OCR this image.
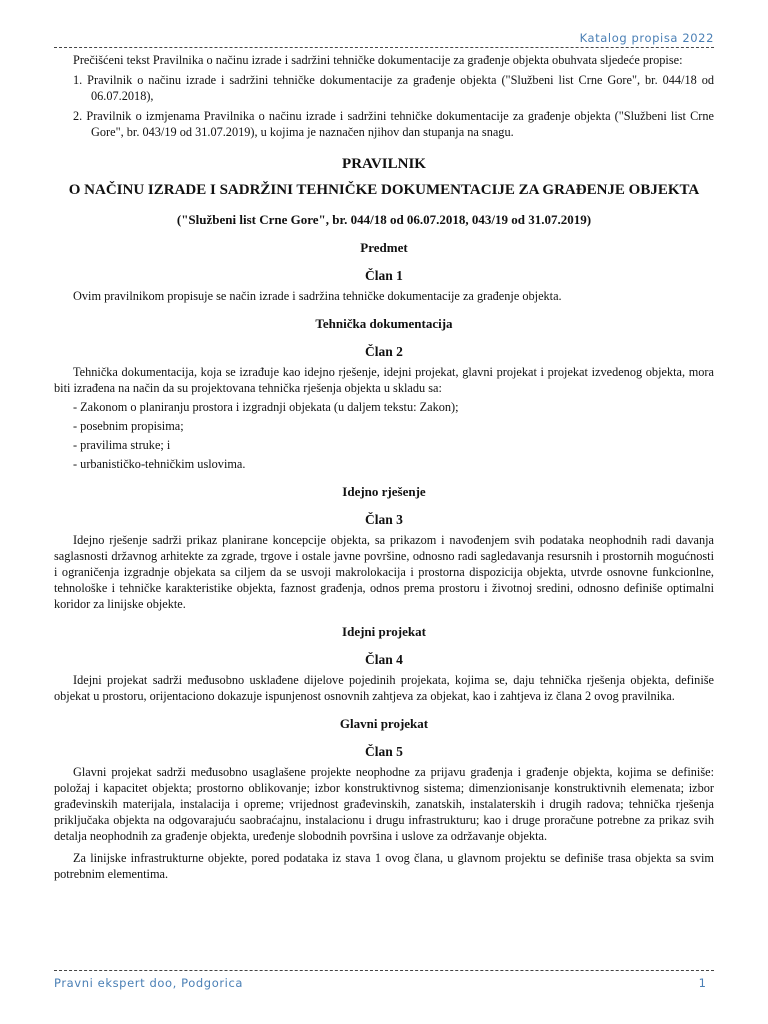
Katalog propisa 2022

Prečišćeni tekst Pravilnika o načinu izrade i sadržini tehničke dokumentacije za građenje objekta obuhvata sljedeće propise:

1. Pravilnik o načinu izrade i sadržini tehničke dokumentacije za građenje objekta ("Službeni list Crne Gore", br. 044/18 od 06.07.2018),

2. Pravilnik o izmjenama Pravilnika o načinu izrade i sadržini tehničke dokumentacije za građenje objekta ("Službeni list Crne Gore", br. 043/19 od 31.07.2019), u kojima je naznačen njihov dan stupanja na snagu.

PRAVILNIK
O NAČINU IZRADE I SADRŽINI TEHNIČKE DOKUMENTACIJE ZA GRAĐENJE OBJEKTA
("Službeni list Crne Gore", br. 044/18 od 06.07.2018, 043/19 od 31.07.2019)
Predmet
Član 1

Ovim pravilnikom propisuje se način izrade i sadržina tehničke dokumentacije za građenje objekta.

Tehnička dokumentacija
Član 2

Tehnička dokumentacija, koja se izrađuje kao idejno rješenje, idejni projekat, glavni projekat i projekat izvedenog objekta, mora biti izrađena na način da su projektovana tehnička rješenja objekta u skladu sa:

- Zakonom o planiranju prostora i izgradnji objekata (u daljem tekstu: Zakon);

- posebnim propisima;

- pravilima struke; i

- urbanističko-tehničkim uslovima.

Idejno rješenje
Član 3

Idejno rješenje sadrži prikaz planirane koncepcije objekta, sa prikazom i navođenjem svih podataka neophodnih radi davanja saglasnosti državnog arhitekte za zgrade, trgove i ostale javne površine, odnosno radi sagledavanja resursnih i prostornih mogućnosti i ograničenja izgradnje objekata sa ciljem da se usvoji makrolokacija i prostorna dispozicija objekta, utvrde osnovne funkcionlne, tehnološke i tehničke karakteristike objekta, faznost građenja, odnos prema prostoru i životnoj sredini, odnosno definiše optimalni koridor za linijske objekte.

Idejni projekat
Član 4

Idejni projekat sadrži međusobno usklađene dijelove pojedinih projekata, kojima se, daju tehnička rješenja objekta, definiše objekat u prostoru, orijentaciono dokazuje ispunjenost osnovnih zahtjeva za objekat, kao i zahtjeva iz člana 2 ovog pravilnika.

Glavni projekat
Član 5

Glavni projekat sadrži međusobno usaglašene projekte neophodne za prijavu građenja i građenje objekta, kojima se definiše: položaj i kapacitet objekta; prostorno oblikovanje; izbor konstruktivnog sistema; dimenzionisanje konstruktivnih elemenata; izbor građevinskih materijala, instalacija i opreme; vrijednost građevinskih, zanatskih, instalaterskih i drugih radova; tehnička rješenja priključaka objekta na odgovarajuću saobraćajnu, instalacionu i drugu infrastrukturu; kao i druge proračune potrebne za prikaz svih detalja neophodnih za građenje objekta, uređenje slobodnih površina i uslove za održavanje objekta.

Za linijske infrastrukturne objekte, pored podataka iz stava 1 ovog člana, u glavnom projektu se definiše trasa objekta sa svim potrebnim elementima.

Pravni ekspert doo, Podgorica	1
